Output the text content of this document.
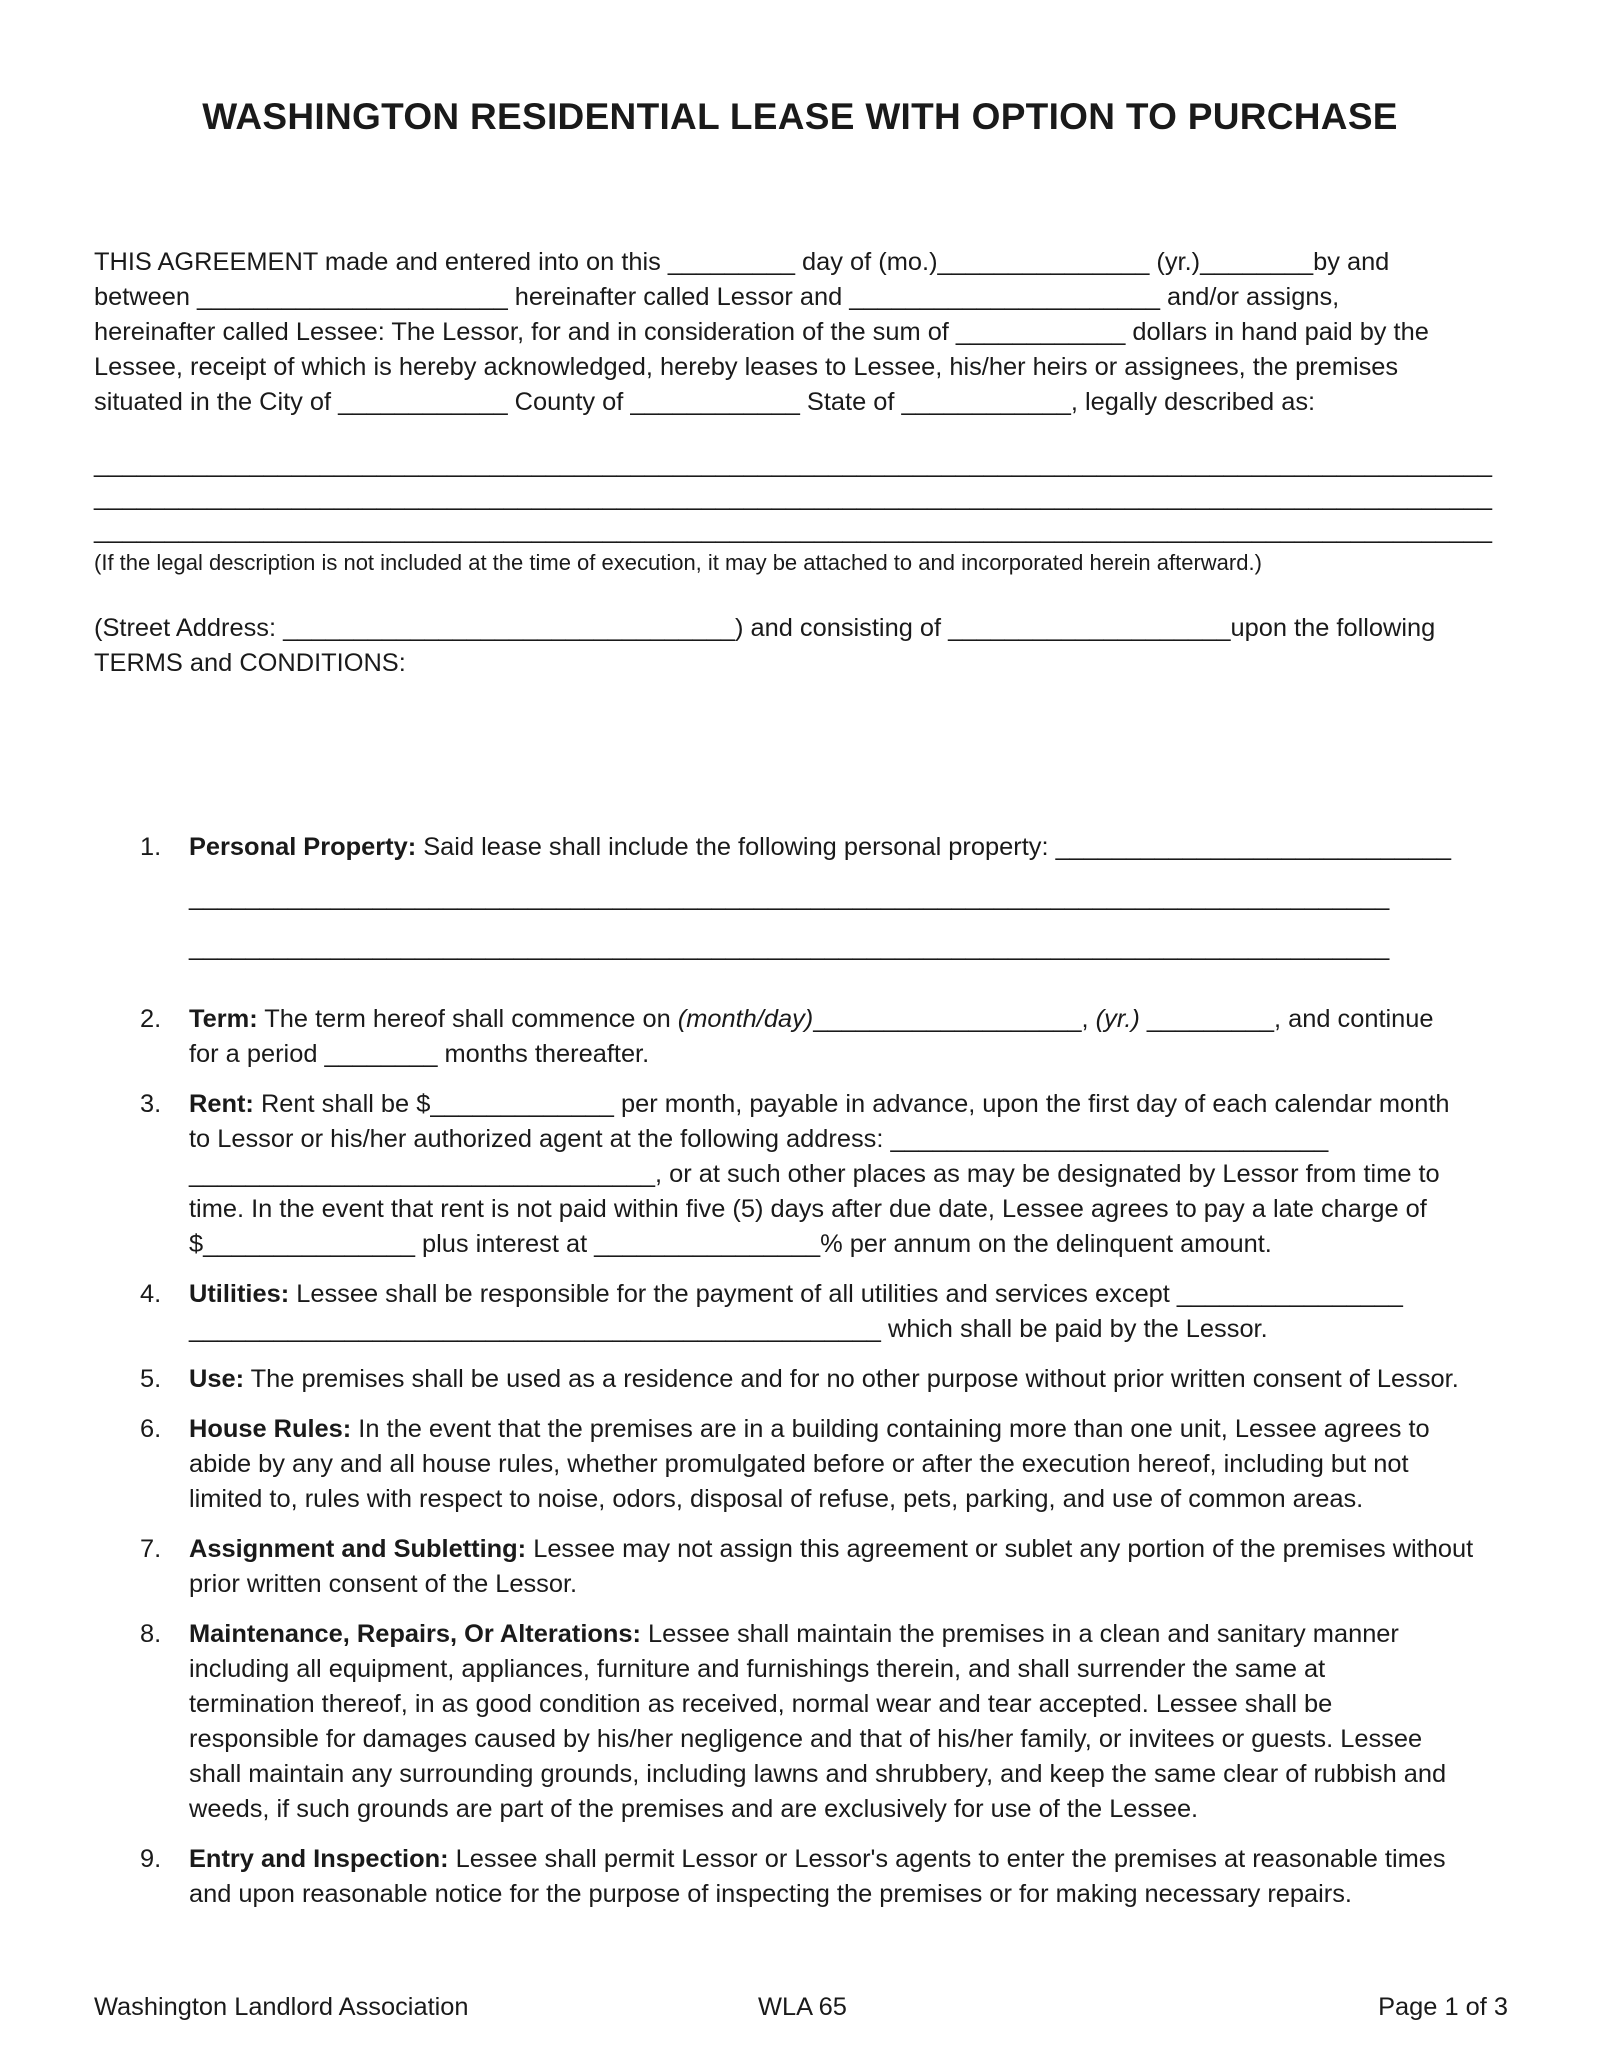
WASHINGTON RESIDENTIAL LEASE WITH OPTION TO PURCHASE

THIS AGREEMENT made and entered into on this _________ day of (mo.)_______________ (yr.)________by and

between ______________________ hereinafter called Lessor and ______________________ and/or assigns,

hereinafter called Lessee: The Lessor, for and in consideration of the sum of ____________ dollars in hand paid by the

Lessee, receipt of which is hereby acknowledged, hereby leases to Lessee, his/her heirs or assignees, the premises

situated in the City of ____________ County of ____________ State of ____________, legally described as:

___________________________________________________________________________________________________

___________________________________________________________________________________________________

___________________________________________________________________________________________________

(If the legal description is not included at the time of execution, it may be attached to and incorporated herein afterward.)

(Street Address: ________________________________) and consisting of ____________________upon the following

TERMS and CONDITIONS:

1. Personal Property: Said lease shall include the following personal property: ____________________________
_____________________________________________________________________________________
_____________________________________________________________________________________
2. Term: The term hereof shall commence on (month/day)___________________, (yr.) _________, and continue
for a period ________ months thereafter.
3. Rent: Rent shall be $_____________ per month, payable in advance, upon the first day of each calendar month
to Lessor or his/her authorized agent at the following address: _______________________________
_________________________________, or at such other places as may be designated by Lessor from time to
time. In the event that rent is not paid within five (5) days after due date, Lessee agrees to pay a late charge of
$_______________ plus interest at ________________% per annum on the delinquent amount.
4. Utilities: Lessee shall be responsible for the payment of all utilities and services except ________________
_________________________________________________ which shall be paid by the Lessor.
5. Use: The premises shall be used as a residence and for no other purpose without prior written consent of Lessor.
6. House Rules: In the event that the premises are in a building containing more than one unit, Lessee agrees to
abide by any and all house rules, whether promulgated before or after the execution hereof, including but not
limited to, rules with respect to noise, odors, disposal of refuse, pets, parking, and use of common areas.
7. Assignment and Subletting: Lessee may not assign this agreement or sublet any portion of the premises without
prior written consent of the Lessor.
8. Maintenance, Repairs, Or Alterations: Lessee shall maintain the premises in a clean and sanitary manner
including all equipment, appliances, furniture and furnishings therein, and shall surrender the same at
termination thereof, in as good condition as received, normal wear and tear accepted. Lessee shall be
responsible for damages caused by his/her negligence and that of his/her family, or invitees or guests. Lessee
shall maintain any surrounding grounds, including lawns and shrubbery, and keep the same clear of rubbish and
weeds, if such grounds are part of the premises and are exclusively for use of the Lessee.
9. Entry and Inspection: Lessee shall permit Lessor or Lessor's agents to enter the premises at reasonable times
and upon reasonable notice for the purpose of inspecting the premises or for making necessary repairs.
Washington Landlord Association	WLA 65	Page 1 of 3
